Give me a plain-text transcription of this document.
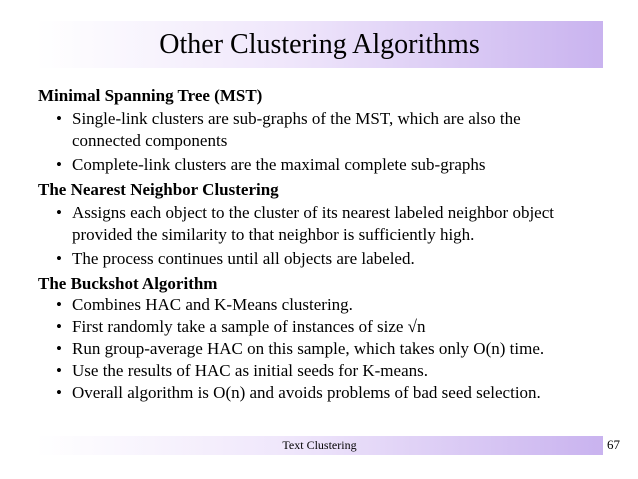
Other Clustering Algorithms

Minimal Spanning Tree (MST)

• Single-link clusters are sub-graphs of the MST, which are also the
connected components
• Complete-link clusters are the maximal complete sub-graphs

The Nearest Neighbor Clustering

• Assigns each object to the cluster of its nearest labeled neighbor object
provided the similarity to that neighbor is sufficiently high.
• The process continues until all objects are labeled.

The Buckshot Algorithm

• Combines HAC and K-Means clustering.
• First randomly take a sample of instances of size √n
• Run group-average HAC on this sample, which takes only O(n) time.
• Use the results of HAC as initial seeds for K-means.
• Overall algorithm is O(n) and avoids problems of bad seed selection.
Text Clustering	67
